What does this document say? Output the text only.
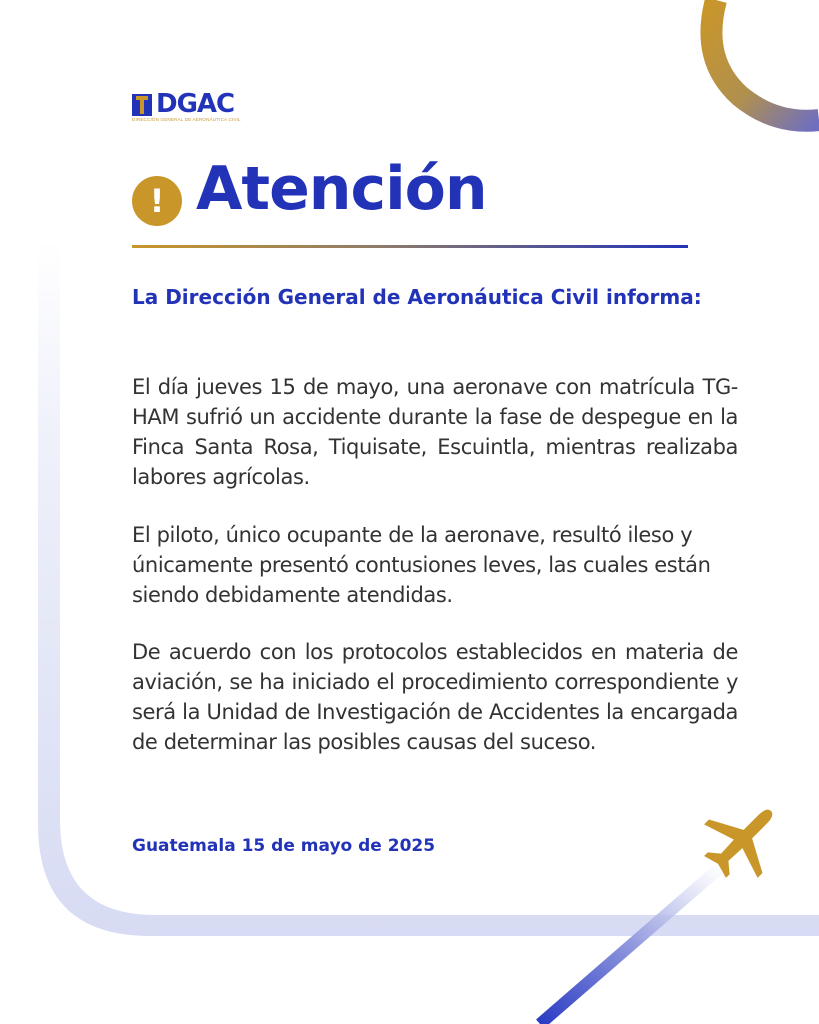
DGAC
DIRECCIÓN GENERAL DE AERONÁUTICA CIVIL
! Atención

La Dirección General de Aeronáutica Civil informa:

El día jueves 15 de mayo, una aeronave con matrícula TG-HAM sufrió un accidente durante la fase de despegue en la Finca Santa Rosa, Tiquisate, Escuintla, mientras realizaba labores agrícolas.

El piloto, único ocupante de la aeronave, resultó ileso y únicamente presentó contusiones leves, las cuales están siendo debidamente atendidas.

De acuerdo con los protocolos establecidos en materia de aviación, se ha iniciado el procedimiento correspondiente y será la Unidad de Investigación de Accidentes la encargada de determinar las posibles causas del suceso.

Guatemala 15 de mayo de 2025
